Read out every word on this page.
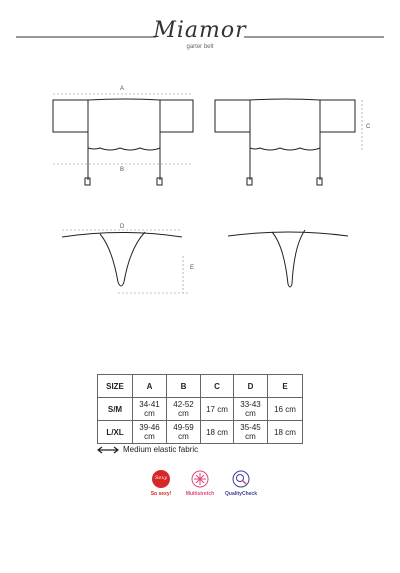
Miamor
garter belt
A
B
C
D
E
SIZE	A	B	C	D	E
S/M	34-41 cm	42-52 cm	17 cm	33-43 cm	16 cm
L/XL	39-46 cm	49-59 cm	18 cm	35-45 cm	18 cm
Medium elastic fabric
Sexy
So sexy!	Multistretch	QualityCheck
